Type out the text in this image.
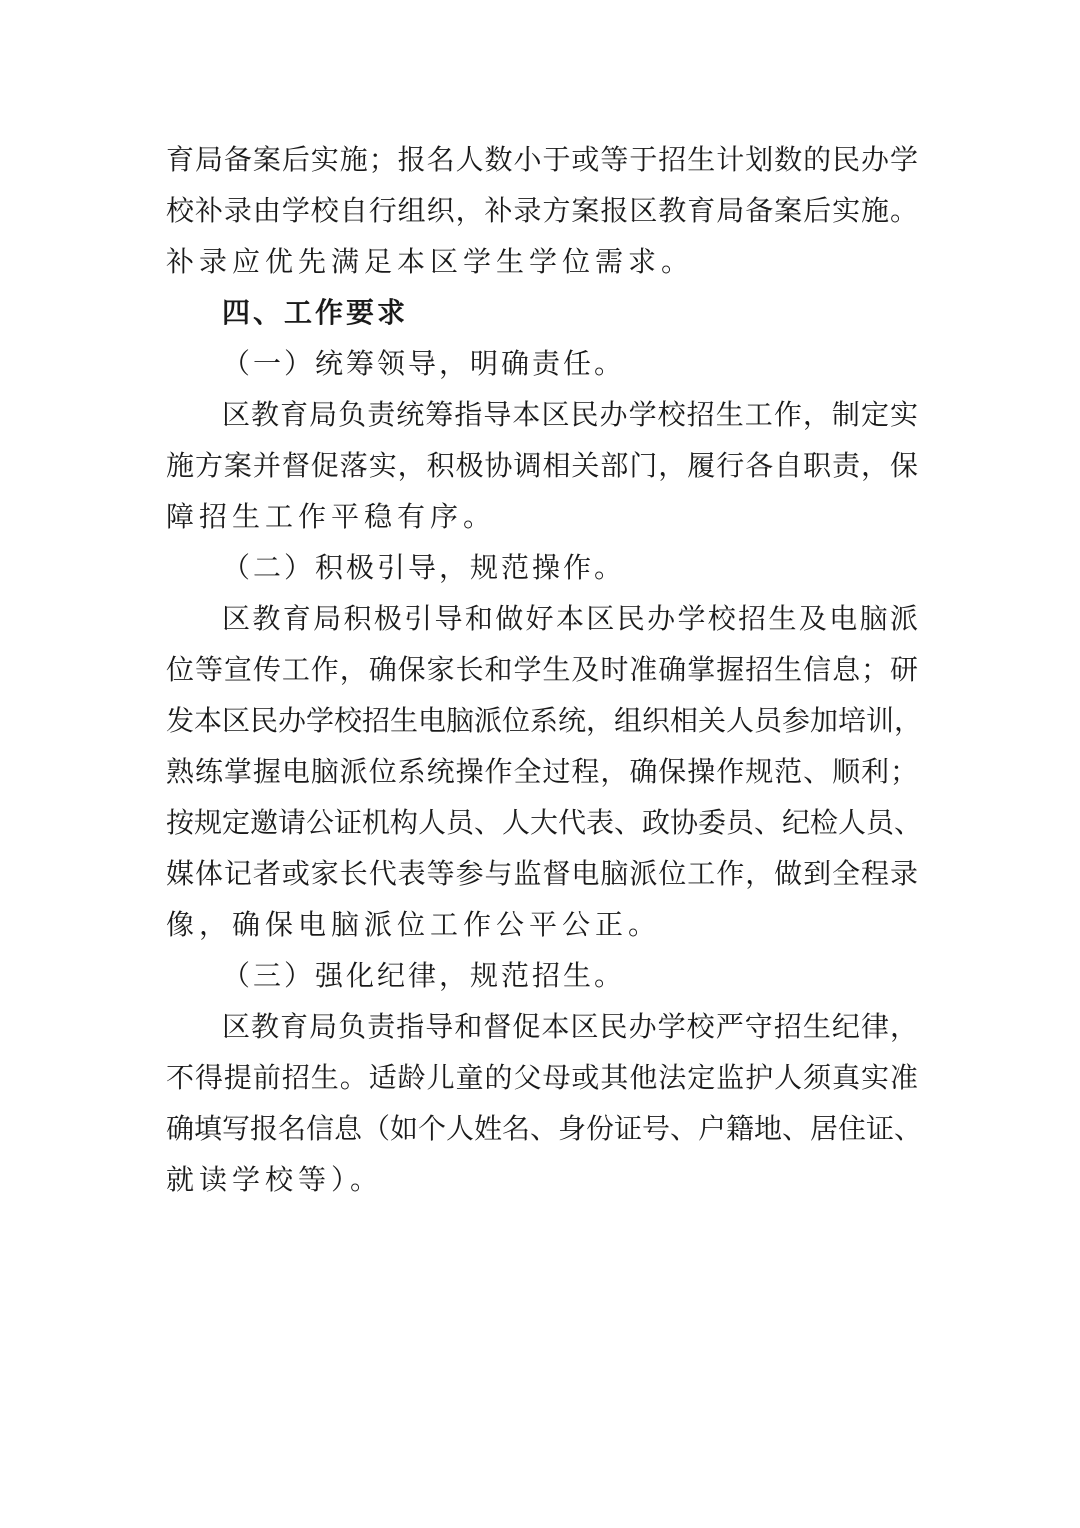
育局备案后实施；报名人数小于或等于招生计划数的民办学

校补录由学校自行组织，补录方案报区教育局备案后实施。

补录应优先满足本区学生学位需求。

四、工作要求

（一）统筹领导，明确责任。

区教育局负责统筹指导本区民办学校招生工作，制定实

施方案并督促落实，积极协调相关部门，履行各自职责，保

障招生工作平稳有序。

（二）积极引导，规范操作。

区教育局积极引导和做好本区民办学校招生及电脑派

位等宣传工作，确保家长和学生及时准确掌握招生信息；研

发本区民办学校招生电脑派位系统，组织相关人员参加培训，

熟练掌握电脑派位系统操作全过程，确保操作规范、顺利；

按规定邀请公证机构人员、人大代表、政协委员、纪检人员、

媒体记者或家长代表等参与监督电脑派位工作，做到全程录

像，确保电脑派位工作公平公正。

（三）强化纪律，规范招生。

区教育局负责指导和督促本区民办学校严守招生纪律，

不得提前招生。适龄儿童的父母或其他法定监护人须真实准

确填写报名信息（如个人姓名、身份证号、户籍地、居住证、

就读学校等）。
